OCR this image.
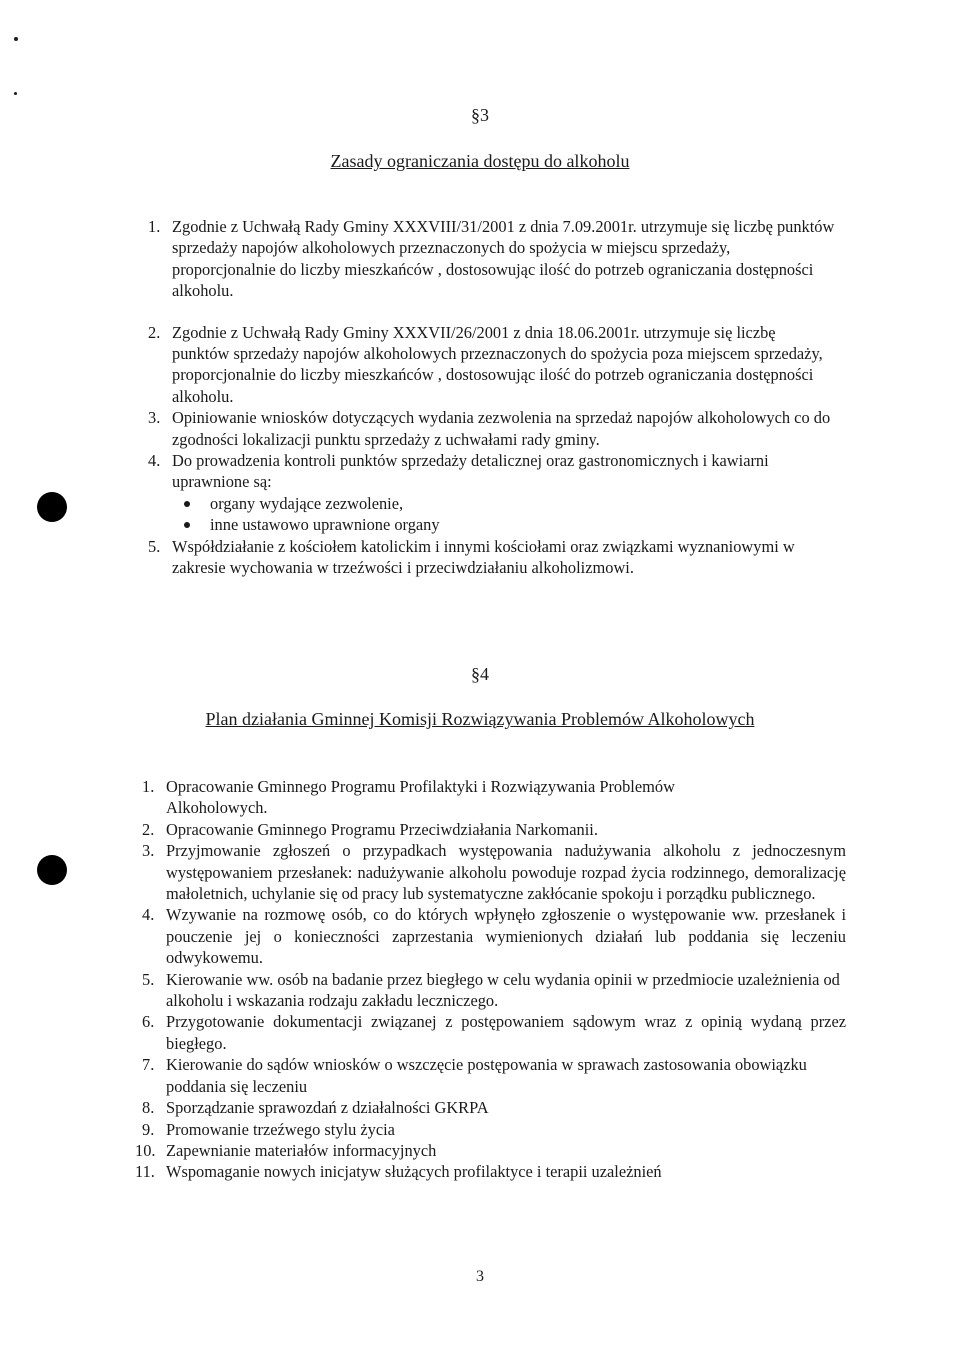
§3
Zasady ograniczania dostępu do alkoholu
1. Zgodnie z Uchwałą Rady Gminy XXXVIII/31/2001 z dnia 7.09.2001r. utrzymuje się liczbę punktów sprzedaży napojów alkoholowych przeznaczonych do spożycia w miejscu sprzedaży, proporcjonalnie do liczby mieszkańców , dostosowując ilość do potrzeb ograniczania dostępności alkoholu.
2. Zgodnie z Uchwałą Rady Gminy XXXVII/26/2001 z dnia 18.06.2001r. utrzymuje się liczbę punktów sprzedaży napojów alkoholowych przeznaczonych do spożycia poza miejscem sprzedaży, proporcjonalnie do liczby mieszkańców , dostosowując ilość do potrzeb ograniczania dostępności alkoholu.
3. Opiniowanie wniosków dotyczących wydania zezwolenia na sprzedaż napojów alkoholowych co do zgodności lokalizacji punktu sprzedaży z uchwałami rady gminy.
4. Do prowadzenia kontroli punktów sprzedaży detalicznej oraz gastronomicznych i kawiarni uprawnione są:
organy wydające zezwolenie,
inne ustawowo uprawnione organy
5. Współdziałanie z kościołem katolickim i innymi kościołami oraz związkami wyznaniowymi w zakresie wychowania w trzeźwości i przeciwdziałaniu alkoholizmowi.
§4
Plan działania Gminnej Komisji Rozwiązywania Problemów Alkoholowych
1. Opracowanie Gminnego Programu Profilaktyki i Rozwiązywania Problemów Alkoholowych.
2. Opracowanie Gminnego Programu Przeciwdziałania Narkomanii.
3. Przyjmowanie zgłoszeń o przypadkach występowania nadużywania alkoholu z jednoczesnym występowaniem przesłanek: nadużywanie alkoholu powoduje rozpad życia rodzinnego, demoralizację małoletnich, uchylanie się od pracy lub systematyczne zakłócanie spokoju i porządku publicznego.
4. Wzywanie na rozmowę osób, co do których wpłynęło zgłoszenie o występowanie ww. przesłanek i pouczenie jej o konieczności zaprzestania wymienionych działań lub poddania się leczeniu odwykowemu.
5. Kierowanie ww. osób na badanie przez biegłego w celu wydania opinii w przedmiocie uzależnienia od alkoholu i wskazania rodzaju zakładu leczniczego.
6. Przygotowanie dokumentacji związanej z postępowaniem sądowym wraz z opinią wydaną przez biegłego.
7. Kierowanie do sądów wniosków o wszczęcie postępowania w sprawach zastosowania obowiązku poddania się leczeniu
8. Sporządzanie sprawozdań z działalności GKRPA
9. Promowanie trzeźwego stylu życia
10. Zapewnianie materiałów informacyjnych
11. Wspomaganie nowych inicjatyw służących profilaktyce i terapii uzależnień
3
